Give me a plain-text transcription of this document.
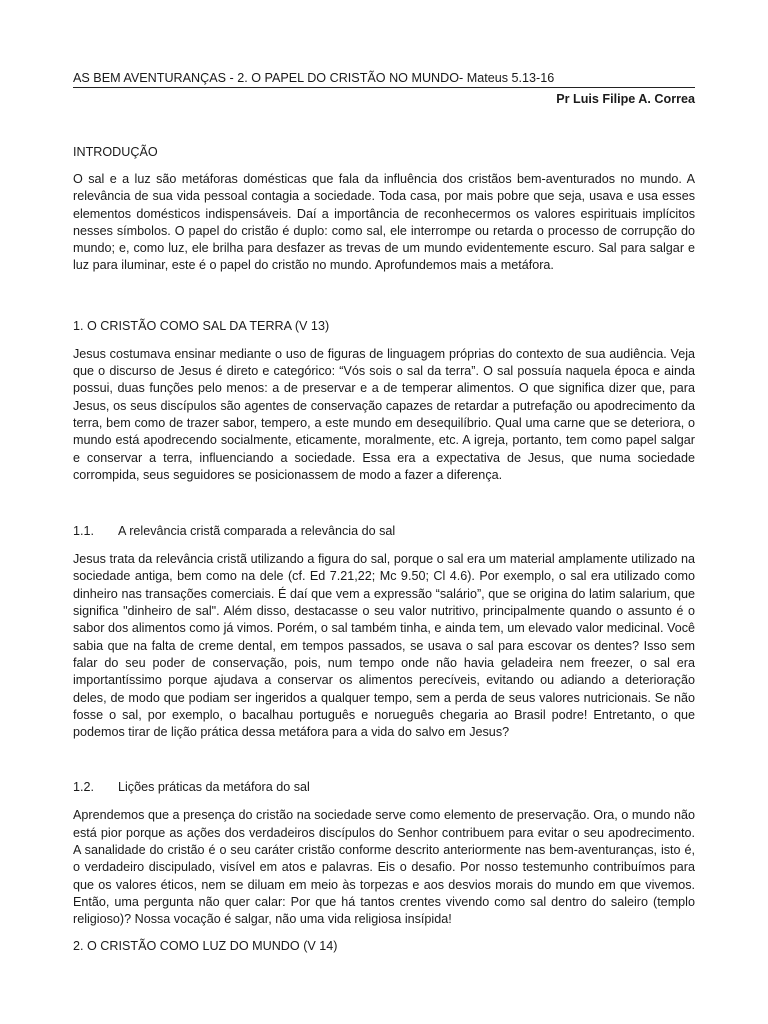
AS BEM AVENTURANÇAS - 2. O PAPEL DO CRISTÃO NO MUNDO- Mateus 5.13-16
Pr Luis Filipe A. Correa
INTRODUÇÃO
O sal e a luz são metáforas domésticas que fala da influência dos cristãos bem-aventurados no mundo. A relevância de sua vida pessoal contagia a sociedade. Toda casa, por mais pobre que seja, usava e usa esses elementos domésticos indispensáveis. Daí a importância de reconhecermos os valores espirituais implícitos nesses símbolos. O papel do cristão é duplo: como sal, ele interrompe ou retarda o processo de corrupção do mundo; e, como luz, ele brilha para desfazer as trevas de um mundo evidentemente escuro. Sal para salgar e luz para iluminar, este é o papel do cristão no mundo. Aprofundemos mais a metáfora.
1. O CRISTÃO COMO SAL DA TERRA (V 13)
Jesus costumava ensinar mediante o uso de figuras de linguagem próprias do contexto de sua audiência. Veja que o discurso de Jesus é direto e categórico: “Vós sois o sal da terra”. O sal possuía naquela época e ainda possui, duas funções pelo menos: a de preservar e a de temperar alimentos. O que significa dizer que, para Jesus, os seus discípulos são agentes de conservação capazes de retardar a putrefação ou apodrecimento da terra, bem como de trazer sabor, tempero, a este mundo em desequilíbrio. Qual uma carne que se deteriora, o mundo está apodrecendo socialmente, eticamente, moralmente, etc. A igreja, portanto, tem como papel salgar e conservar a terra, influenciando a sociedade. Essa era a expectativa de Jesus, que numa sociedade corrompida, seus seguidores se posicionassem de modo a fazer a diferença.
1.1.	A relevância cristã comparada a relevância do sal
Jesus trata da relevância cristã utilizando a figura do sal, porque o sal era um material amplamente utilizado na sociedade antiga, bem como na dele (cf. Ed 7.21,22; Mc 9.50; Cl 4.6). Por exemplo, o sal era utilizado como dinheiro nas transações comerciais. É daí que vem a expressão “salário”, que se origina do latim salarium, que significa "dinheiro de sal". Além disso, destacasse o seu valor nutritivo, principalmente quando o assunto é o sabor dos alimentos como já vimos. Porém, o sal também tinha, e ainda tem, um elevado valor medicinal. Você sabia que na falta de creme dental, em tempos passados, se usava o sal para escovar os dentes? Isso sem falar do seu poder de conservação, pois, num tempo onde não havia geladeira nem freezer, o sal era importantíssimo porque ajudava a conservar os alimentos perecíveis, evitando ou adiando a deterioração deles, de modo que podiam ser ingeridos a qualquer tempo, sem a perda de seus valores nutricionais. Se não fosse o sal, por exemplo, o bacalhau português e norueguês chegaria ao Brasil podre! Entretanto, o que podemos tirar de lição prática dessa metáfora para a vida do salvo em Jesus?
1.2.	Lições práticas da metáfora do sal
Aprendemos que a presença do cristão na sociedade serve como elemento de preservação. Ora, o mundo não está pior porque as ações dos verdadeiros discípulos do Senhor contribuem para evitar o seu apodrecimento. A sanalidade do cristão é o seu caráter cristão conforme descrito anteriormente nas bem-aventuranças, isto é, o verdadeiro discipulado, visível em atos e palavras. Eis o desafio. Por nosso testemunho contribuímos para que os valores éticos, nem se diluam em meio às torpezas e aos desvios morais do mundo em que vivemos. Então, uma pergunta não quer calar: Por que há tantos crentes vivendo como sal dentro do saleiro (templo religioso)? Nossa vocação é salgar, não uma vida religiosa insípida!
2. O CRISTÃO COMO LUZ DO MUNDO (V 14)
